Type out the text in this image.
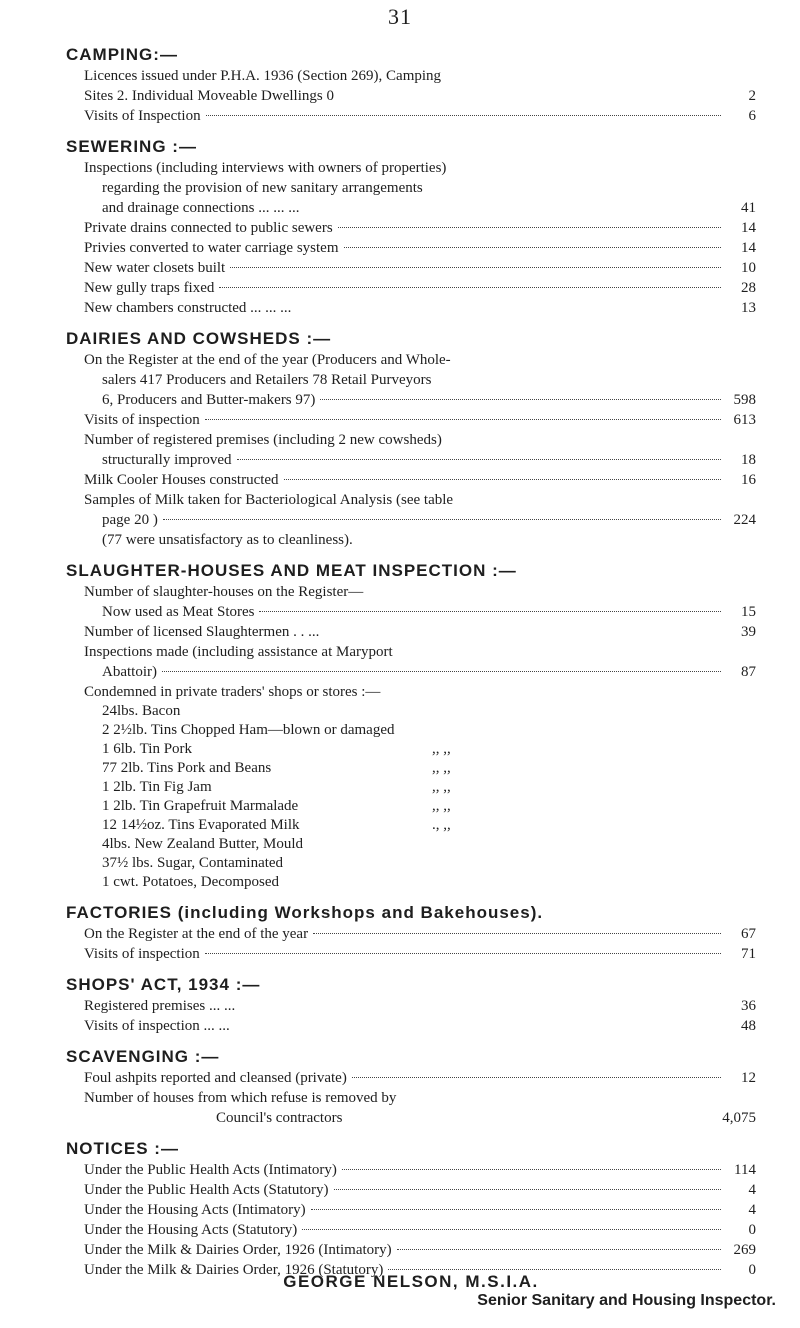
31
CAMPING:—
Licences issued under P.H.A. 1936 (Section 269), Camping
Sites 2. Individual Moveable Dwellings 0	2
Visits of Inspection	6
SEWERING :—
Inspections (including interviews with owners of properties)
regarding the provision of new sanitary arrangements
and drainage connections ... ... ...	41
Private drains connected to public sewers	14
Privies converted to water carriage system	14
New water closets built	10
New gully traps fixed	28
New chambers constructed ... ... ...	13
DAIRIES AND COWSHEDS :—
On the Register at the end of the year (Producers and Whole-
salers 417 Producers and Retailers 78 Retail Purveyors
6, Producers and Butter-makers 97)	598
Visits of inspection	613
Number of registered premises (including 2 new cowsheds)
structurally improved	18
Milk Cooler Houses constructed	16
Samples of Milk taken for Bacteriological Analysis (see table
page 20 )	224
(77 were unsatisfactory as to cleanliness).
SLAUGHTER-HOUSES AND MEAT INSPECTION :—
Number of slaughter-houses on the Register—
Now used as Meat Stores	15
Number of licensed Slaughtermen . . ...	39
Inspections made (including assistance at Maryport
Abattoir)	87
Condemned in private traders' shops or stores :—
24lbs. Bacon
2 2½lb. Tins Chopped Ham—blown or damaged
1 6lb. Tin Pork	,, ,,
77 2lb. Tins Pork and Beans	,, ,,
1 2lb. Tin Fig Jam	,, ,,
1 2lb. Tin Grapefruit Marmalade	,, ,,
12 14½oz. Tins Evaporated Milk	., ,,
4lbs. New Zealand Butter, Mould
37½ lbs. Sugar, Contaminated
1 cwt. Potatoes, Decomposed
FACTORIES (including Workshops and Bakehouses).
On the Register at the end of the year	67
Visits of inspection	71
SHOPS' ACT, 1934 :—
Registered premises ... ...	36
Visits of inspection ... ...	48
SCAVENGING :—
Foul ashpits reported and cleansed (private)	12
Number of houses from which refuse is removed by
Council's contractors	4,075
NOTICES :—
Under the Public Health Acts (Intimatory)	114
Under the Public Health Acts (Statutory)	4
Under the Housing Acts (Intimatory)	4
Under the Housing Acts (Statutory)	0
Under the Milk & Dairies Order, 1926 (Intimatory)	269
Under the Milk & Dairies Order, 1926 (Statutory)	0
GEORGE NELSON, M.S.I.A.
Senior Sanitary and Housing Inspector.
